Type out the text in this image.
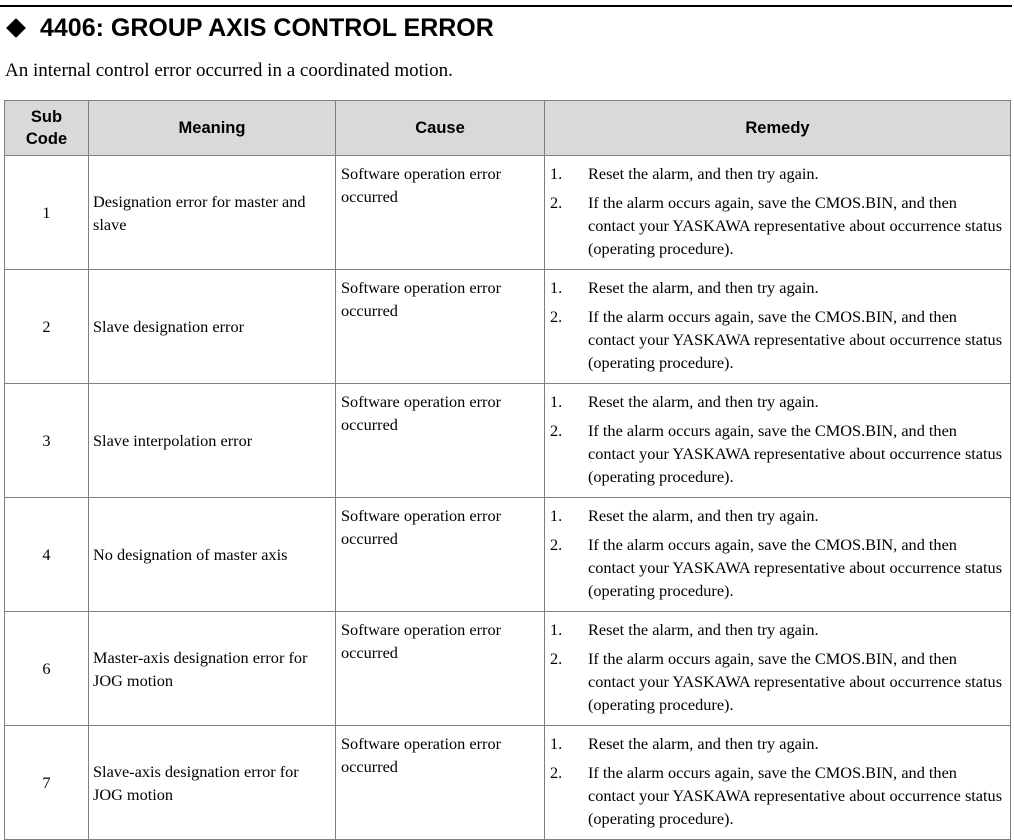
4406: GROUP AXIS CONTROL ERROR
An internal control error occurred in a coordinated motion.
Sub Code	Meaning	Cause	Remedy
1	Designation error for master and slave	Software operation error occurred	1. Reset the alarm, and then try again.
2. If the alarm occurs again, save the CMOS.BIN, and then contact your YASKAWA representative about occurrence status (operating procedure).

2	Slave designation error	Software operation error occurred	1. Reset the alarm, and then try again.
2. If the alarm occurs again, save the CMOS.BIN, and then contact your YASKAWA representative about occurrence status (operating procedure).

3	Slave interpolation error	Software operation error occurred	1. Reset the alarm, and then try again.
2. If the alarm occurs again, save the CMOS.BIN, and then contact your YASKAWA representative about occurrence status (operating procedure).

4	No designation of master axis	Software operation error occurred	1. Reset the alarm, and then try again.
2. If the alarm occurs again, save the CMOS.BIN, and then contact your YASKAWA representative about occurrence status (operating procedure).

6	Master-axis designation error for JOG motion	Software operation error occurred	1. Reset the alarm, and then try again.
2. If the alarm occurs again, save the CMOS.BIN, and then contact your YASKAWA representative about occurrence status (operating procedure).

7	Slave-axis designation error for JOG motion	Software operation error occurred	1. Reset the alarm, and then try again.
2. If the alarm occurs again, save the CMOS.BIN, and then contact your YASKAWA representative about occurrence status (operating procedure).
